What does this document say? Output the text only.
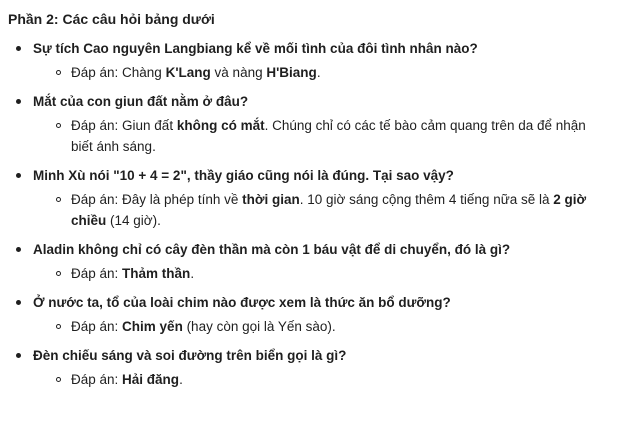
Phần 2: Các câu hỏi bảng dưới
Sự tích Cao nguyên Langbiang kể về mối tình của đôi tình nhân nào?
Đáp án: Chàng K'Lang và nàng H'Biang.
Mắt của con giun đất nằm ở đâu?
Đáp án: Giun đất không có mắt. Chúng chỉ có các tế bào cảm quang trên da để nhận biết ánh sáng.
Minh Xù nói "10 + 4 = 2", thầy giáo cũng nói là đúng. Tại sao vậy?
Đáp án: Đây là phép tính về thời gian. 10 giờ sáng cộng thêm 4 tiếng nữa sẽ là 2 giờ chiều (14 giờ).
Aladin không chỉ có cây đèn thần mà còn 1 báu vật để di chuyển, đó là gì?
Đáp án: Thảm thần.
Ở nước ta, tổ của loài chim nào được xem là thức ăn bổ dưỡng?
Đáp án: Chim yến (hay còn gọi là Yến sào).
Đèn chiếu sáng và soi đường trên biển gọi là gì?
Đáp án: Hải đăng.
